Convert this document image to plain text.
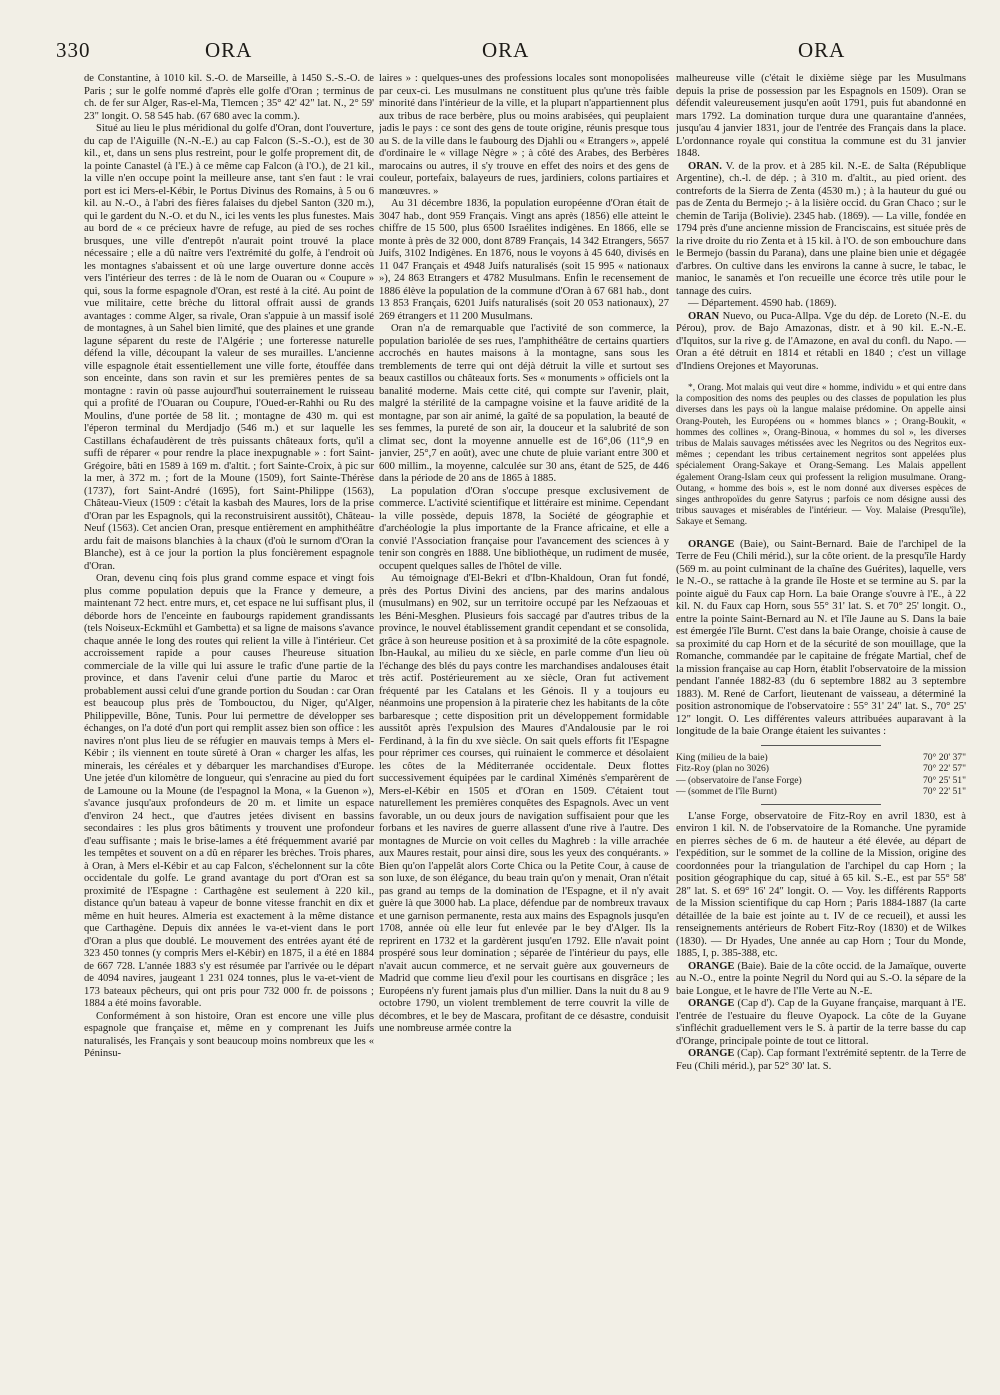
330	ORA	ORA	ORA

de Constantine, à 1010 kil. S.-O. de Marseille, à 1450 S.-S.-O. de Paris ; sur le golfe nommé d'après elle golfe d'Oran ; terminus de ch. de fer sur Alger, Ras-el-Ma, Tlemcen ; 35° 42' 42" lat. N., 2° 59' 23" longit. O. 58 545 hab. (67 680 avec la comm.).

Situé au lieu le plus méridional du golfe d'Oran, dont l'ouverture, du cap de l'Aiguille (N.-N.-E.) au cap Falcon (S.-S.-O.), est de 30 kil., et, dans un sens plus restreint, pour le golfe proprement dit, de la pointe Canastel (à l'E.) à ce même cap Falcon (à l'O.), de 21 kil., la ville n'en occupe point la meilleure anse, tant s'en faut : le vrai port est ici Mers-el-Kébir, le Portus Divinus des Romains, à 5 ou 6 kil. au N.-O., à l'abri des fières falaises du djebel Santon (320 m.), qui le gardent du N.-O. et du N., ici les vents les plus funestes. Mais au bord de « ce précieux havre de refuge, au pied de ses roches brusques, une ville d'entrepôt n'aurait point trouvé la place nécessaire ; elle a dû naître vers l'extrémité du golfe, à l'endroit où les montagnes s'abaissent et où une large ouverture donne accès vers l'intérieur des terres : de là le nom de Ouaran ou « Coupure » qui, sous la forme espagnole d'Oran, est resté à la cité. Au point de vue militaire, cette brèche du littoral offrait aussi de grands avantages : comme Alger, sa rivale, Oran s'appuie à un massif isolé de montagnes, à un Sahel bien limité, que des plaines et une grande lagune séparent du reste de l'Algérie ; une forteresse naturelle défend la ville, découpant la valeur de ses murailles. L'ancienne ville espagnole était essentiellement une ville forte, étouffée dans son enceinte, dans son ravin et sur les premières pentes de sa montagne : ravin où passe aujourd'hui souterrainement le ruisseau qui a profité de l'Ouaran ou Coupure, l'Oued-er-Rahhi ou Ru des Moulins, d'une portée de 58 lit. ; montagne de 430 m. qui est l'éperon terminal du Merdjadjo (546 m.) et sur laquelle les Castillans échafaudèrent de très puissants châteaux forts, qu'il a suffi de réparer « pour rendre la place inexpugnable » : fort Saint-Grégoire, bâti en 1589 à 169 m. d'altit. ; fort Sainte-Croix, à pic sur la mer, à 372 m. ; fort de la Moune (1509), fort Sainte-Thérèse (1737), fort Saint-André (1695), fort Saint-Philippe (1563), Château-Vieux (1509 : c'était la kasbah des Maures, lors de la prise d'Oran par les Espagnols, qui la reconstruisirent aussitôt), Château-Neuf (1563). Cet ancien Oran, presque entièrement en amphithéâtre ardu fait de maisons blanchies à la chaux (d'où le surnom d'Oran la Blanche), est à ce jour la portion la plus foncièrement espagnole d'Oran.

Oran, devenu cinq fois plus grand comme espace et vingt fois plus comme population depuis que la France y demeure, a maintenant 72 hect. entre murs, et, cet espace ne lui suffisant plus, il déborde hors de l'enceinte en faubourgs rapidement grandissants (tels Noiseux-Eckmühl et Gambetta) et sa ligne de maisons s'avance chaque année le long des routes qui relient la ville à l'intérieur. Cet accroissement rapide a pour causes l'heureuse situation commerciale de la ville qui lui assure le trafic d'une partie de la province, et dans l'avenir celui d'une partie du Maroc et probablement aussi celui d'une grande portion du Soudan : car Oran est beaucoup plus près de Tombouctou, du Niger, qu'Alger, Philippeville, Bône, Tunis. Pour lui permettre de développer ses échanges, on l'a doté d'un port qui remplit assez bien son office : les navires n'ont plus lieu de se réfugier en mauvais temps à Mers el-Kébir ; ils viennent en toute sûreté à Oran « charger les alfas, les minerais, les céréales et y débarquer les marchandises d'Europe. Une jetée d'un kilomètre de longueur, qui s'enracine au pied du fort de Lamoune ou la Moune (de l'espagnol la Mona, « la Guenon »), s'avance jusqu'aux profondeurs de 20 m. et limite un espace d'environ 24 hect., que d'autres jetées divisent en bassins secondaires : les plus gros bâtiments y trouvent une profondeur d'eau suffisante ; mais le brise-lames a été fréquemment avarié par les tempêtes et souvent on a dû en réparer les brèches. Trois phares, à Oran, à Mers el-Kébir et au cap Falcon, s'échelonnent sur la côte occidentale du golfe. Le grand avantage du port d'Oran est sa proximité de l'Espagne : Carthagène est seulement à 220 kil., distance qu'un bateau à vapeur de bonne vitesse franchit en dix et même en huit heures. Almeria est exactement à la même distance que Carthagène. Depuis dix années le va-et-vient dans le port d'Oran a plus que doublé. Le mouvement des entrées ayant été de 323 450 tonnes (y compris Mers el-Kébir) en 1875, il a été en 1884 de 667 728. L'année 1883 s'y est résumée par l'arrivée ou le départ de 4094 navires, jaugeant 1 231 024 tonnes, plus le va-et-vient de 173 bateaux pêcheurs, qui ont pris pour 732 000 fr. de poissons ; 1884 a été moins favorable.

Conformément à son histoire, Oran est encore une ville plus espagnole que française et, même en y comprenant les Juifs naturalisés, les Français y sont beaucoup moins nombreux que les « Péninsu-

laires » : quelques-unes des professions locales sont monopolisées par ceux-ci. Les musulmans ne constituent plus qu'une très faible minorité dans l'intérieur de la ville, et la plupart n'appartiennent plus aux tribus de race berbère, plus ou moins arabisées, qui peuplaient jadis le pays : ce sont des gens de toute origine, réunis presque tous au S. de la ville dans le faubourg des Djahli ou « Etrangers », appelé d'ordinaire le « village Nègre » ; à côté des Arabes, des Berbères marocains ou autres, il s'y trouve en effet des noirs et des gens de couleur, portefaix, balayeurs de rues, jardiniers, colons partiaires et manœuvres. »

Au 31 décembre 1836, la population européenne d'Oran était de 3047 hab., dont 959 Français. Vingt ans après (1856) elle atteint le chiffre de 15 500, plus 6500 Israélites indigènes. En 1866, elle se monte à près de 32 000, dont 8789 Français, 14 342 Etrangers, 5657 Juifs, 3102 Indigènes. En 1876, nous le voyons à 45 640, divisés en 11 047 Français et 4948 Juifs naturalisés (soit 15 995 « nationaux »), 24 863 Etrangers et 4782 Musulmans. Enfin le recensement de 1886 élève la population de la commune d'Oran à 67 681 hab., dont 13 853 Français, 6201 Juifs naturalisés (soit 20 053 nationaux), 27 269 étrangers et 11 200 Musulmans.

Oran n'a de remarquable que l'activité de son commerce, la population bariolée de ses rues, l'amphithéâtre de certains quartiers accrochés en hautes maisons à la montagne, sans sous les tremblements de terre qui ont déjà détruit la ville et surtout ses beaux castillos ou châteaux forts. Ses « monuments » officiels ont la banalité moderne. Mais cette cité, qui compte sur l'avenir, plait, malgré la stérilité de la campagne voisine et la fauve aridité de la montagne, par son air animé, la gaîté de sa population, la beauté de ses femmes, la pureté de son air, la douceur et la salubrité de son climat sec, dont la moyenne annuelle est de 16°,06 (11°,9 en janvier, 25°,7 en août), avec une chute de pluie variant entre 300 et 600 millim., la moyenne, calculée sur 30 ans, étant de 525, de 446 dans la période de 20 ans de 1865 à 1885.

La population d'Oran s'occupe presque exclusivement de commerce. L'activité scientifique et littéraire est minime. Cependant la ville possède, depuis 1878, la Société de géographie et d'archéologie la plus importante de la France africaine, et elle a convié l'Association française pour l'avancement des sciences à y tenir son congrès en 1888. Une bibliothèque, un rudiment de musée, occupent quelques salles de l'hôtel de ville.

Au témoignage d'El-Bekri et d'Ibn-Khaldoun, Oran fut fondé, près des Portus Divini des anciens, par des marins andalous (musulmans) en 902, sur un territoire occupé par les Nefzaouas et les Béni-Mesghen. Plusieurs fois saccagé par d'autres tribus de la province, le nouvel établissement grandit cependant et se consolida, grâce à son heureuse position et à sa proximité de la côte espagnole. Ibn-Haukal, au milieu du xe siècle, en parle comme d'un lieu où l'échange des blés du pays contre les marchandises andalouses était très actif. Postérieurement au xe siècle, Oran fut activement fréquenté par les Catalans et les Génois. Il y a toujours eu néanmoins une propension à la piraterie chez les habitants de la côte barbaresque ; cette disposition prit un développement formidable aussitôt après l'expulsion des Maures d'Andalousie par le roi Ferdinand, à la fin du xve siècle. On sait quels efforts fit l'Espagne pour réprimer ces courses, qui ruinaient le commerce et désolaient les côtes de la Méditerranée occidentale. Deux flottes successivement équipées par le cardinal Ximénès s'emparèrent de Mers-el-Kébir en 1505 et d'Oran en 1509. C'étaient tout naturellement les premières conquêtes des Espagnols. Avec un vent favorable, un ou deux jours de navigation suffisaient pour que les forbans et les navires de guerre allassent d'une rive à l'autre. Des montagnes de Murcie on voit celles du Maghreb : la ville arrachée aux Maures restait, pour ainsi dire, sous les yeux des conquérants. » Bien qu'on l'appelât alors Corte Chica ou la Petite Cour, à cause de son luxe, de son élégance, du beau train qu'on y menait, Oran n'était pas grand au temps de la domination de l'Espagne, et il n'y avait guère là que 3000 hab. La place, défendue par de nombreux travaux et une garnison permanente, resta aux mains des Espagnols jusqu'en 1708, année où elle leur fut enlevée par le bey d'Alger. Ils la reprirent en 1732 et la gardèrent jusqu'en 1792. Elle n'avait point prospéré sous leur domination ; séparée de l'intérieur du pays, elle n'avait aucun commerce, et ne servait guère aux gouverneurs de Madrid que comme lieu d'exil pour les courtisans en disgrâce ; les Européens n'y furent jamais plus d'un millier. Dans la nuit du 8 au 9 octobre 1790, un violent tremblement de terre couvrit la ville de décombres, et le bey de Mascara, profitant de ce désastre, conduisit une nombreuse armée contre la

malheureuse ville (c'était le dixième siège par les Musulmans depuis la prise de possession par les Espagnols en 1509). Oran se défendit valeureusement jusqu'en août 1791, puis fut abandonné en mars 1792. La domination turque dura une quarantaine d'années, jusqu'au 4 janvier 1831, jour de l'entrée des Français dans la place. L'ordonnance royale qui constitua la commune est du 31 janvier 1848.

ORAN. V. de la prov. et à 285 kil. N.-E. de Salta (République Argentine), ch.-l. de dép. ; à 310 m. d'altit., au pied orient. des contreforts de la Sierra de Zenta (4530 m.) ; à la hauteur du gué ou pas de Zenta du Bermejo ;- à la lisière occid. du Gran Chaco ; sur le chemin de Tarija (Bolivie). 2345 hab. (1869). — La ville, fondée en 1794 près d'une ancienne mission de Franciscains, est située près de la rive droite du rio Zenta et à 15 kil. à l'O. de son embouchure dans le Bermejo (bassin du Parana), dans une plaine bien unie et dégagée d'arbres. On cultive dans les environs la canne à sucre, le tabac, le manioc, le sanamès et l'on recueille une écorce très utile pour le tannage des cuirs.

— Département. 4590 hab. (1869).

ORAN Nuevo, ou Puca-Allpa. Vge du dép. de Loreto (N.-E. du Pérou), prov. de Bajo Amazonas, distr. et à 90 kil. E.-N.-E. d'Iquitos, sur la rive g. de l'Amazone, en aval du confl. du Napo. — Oran a été détruit en 1814 et rétabli en 1840 ; c'est un village d'Indiens Orejones et Mayorunas.

*, Orang. Mot malais qui veut dire « homme, individu » et qui entre dans la composition des noms des peuples ou des classes de population les plus diverses dans les pays où la langue malaise prédomine. On appelle ainsi Orang-Pouteh, les Européens ou « hommes blancs » ; Orang-Boukit, « hommes des collines », Orang-Binoua, « hommes du sol », les diverses tribus de Malais sauvages métissées avec les Negritos ou des Negritos eux-mêmes ; cependant les tribus certainement negritos sont appelées plus spécialement Orang-Sakaye et Orang-Semang. Les Malais appellent également Orang-Islam ceux qui professent la religion musulmane. Orang-Outang, « homme des bois », est le nom donné aux diverses espèces de singes anthropoïdes du genre Satyrus ; parfois ce nom désigne aussi des tribus sauvages et misérables de l'intérieur. — Voy. Malaise (Presqu'île), Sakaye et Semang.

ORANGE (Baie), ou Saint-Bernard. Baie de l'archipel de la Terre de Feu (Chili mérid.), sur la côte orient. de la presqu'île Hardy (569 m. au point culminant de la chaîne des Guérites), laquelle, vers le N.-O., se rattache à la grande île Hoste et se termine au S. par la pointe aiguë du Faux cap Horn. La baie Orange s'ouvre à l'E., à 22 kil. N. du Faux cap Horn, sous 55° 31' lat. S. et 70° 25' longit. O., entre la pointe Saint-Bernard au N. et l'île Jaune au S. Dans la baie est émergée l'île Burnt. C'est dans la baie Orange, choisie à cause de sa proximité du cap Horn et de la sécurité de son mouillage, que la Romanche, commandée par le capitaine de frégate Martial, chef de la mission française au cap Horn, établit l'observatoire de la mission pendant l'année 1882-83 (du 6 septembre 1882 au 3 septembre 1883). M. René de Carfort, lieutenant de vaisseau, a déterminé la position astronomique de l'observatoire : 55° 31' 24" lat. S., 70° 25' 12" longit. O. Les différentes valeurs attribuées auparavant à la longitude de la baie Orange étaient les suivantes :

King (milieu de la baie)	70° 20' 37"
Fitz-Roy (plan no 3026)	70° 22' 57"
— (observatoire de l'anse Forge)	70° 25' 51"
— (sommet de l'île Burnt)	70° 22' 51"

L'anse Forge, observatoire de Fitz-Roy en avril 1830, est à environ 1 kil. N. de l'observatoire de la Romanche. Une pyramide en pierres sèches de 6 m. de hauteur a été élevée, au départ de l'expédition, sur le sommet de la colline de la Mission, origine des coordonnées pour la triangulation de l'archipel du cap Horn ; la position géographique du cap, situé à 65 kil. S.-E., est par 55° 58' 28" lat. S. et 69° 16' 24" longit. O. — Voy. les différents Rapports de la Mission scientifique du cap Horn ; Paris 1884-1887 (la carte détaillée de la baie est jointe au t. IV de ce recueil), et aussi les renseignements antérieurs de Robert Fitz-Roy (1830) et de Wilkes (1830). — Dr Hyades, Une année au cap Horn ; Tour du Monde, 1885, I, p. 385-388, etc.

ORANGE (Baie). Baie de la côte occid. de la Jamaïque, ouverte au N.-O., entre la pointe Negril du Nord qui au S.-O. la sépare de la baie Longue, et le havre de l'Ile Verte au N.-E.

ORANGE (Cap d'). Cap de la Guyane française, marquant à l'E. l'entrée de l'estuaire du fleuve Oyapock. La côte de la Guyane s'infléchit graduellement vers le S. à partir de la terre basse du cap d'Orange, principale pointe de tout ce littoral.

ORANGE (Cap). Cap formant l'extrémité septentr. de la Terre de Feu (Chili mérid.), par 52° 30' lat. S.
